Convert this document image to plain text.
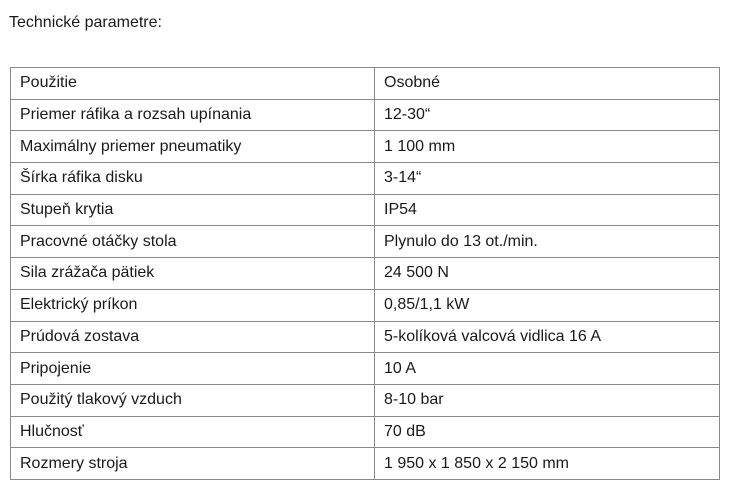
Technické parametre:
Použitie	Osobné
Priemer ráfika a rozsah upínania	12-30“
Maximálny priemer pneumatiky	1 100 mm
Šírka ráfika disku	3-14“
Stupeň krytia	IP54
Pracovné otáčky stola	Plynulo do 13 ot./min.
Sila zrážača pätiek	24 500 N
Elektrický príkon	0,85/1,1 kW
Prúdová zostava	5-kolíková valcová vidlica 16 A
Pripojenie	10 A
Použitý tlakový vzduch	8-10 bar
Hlučnosť	70 dB
Rozmery stroja	1 950 x 1 850 x 2 150 mm
